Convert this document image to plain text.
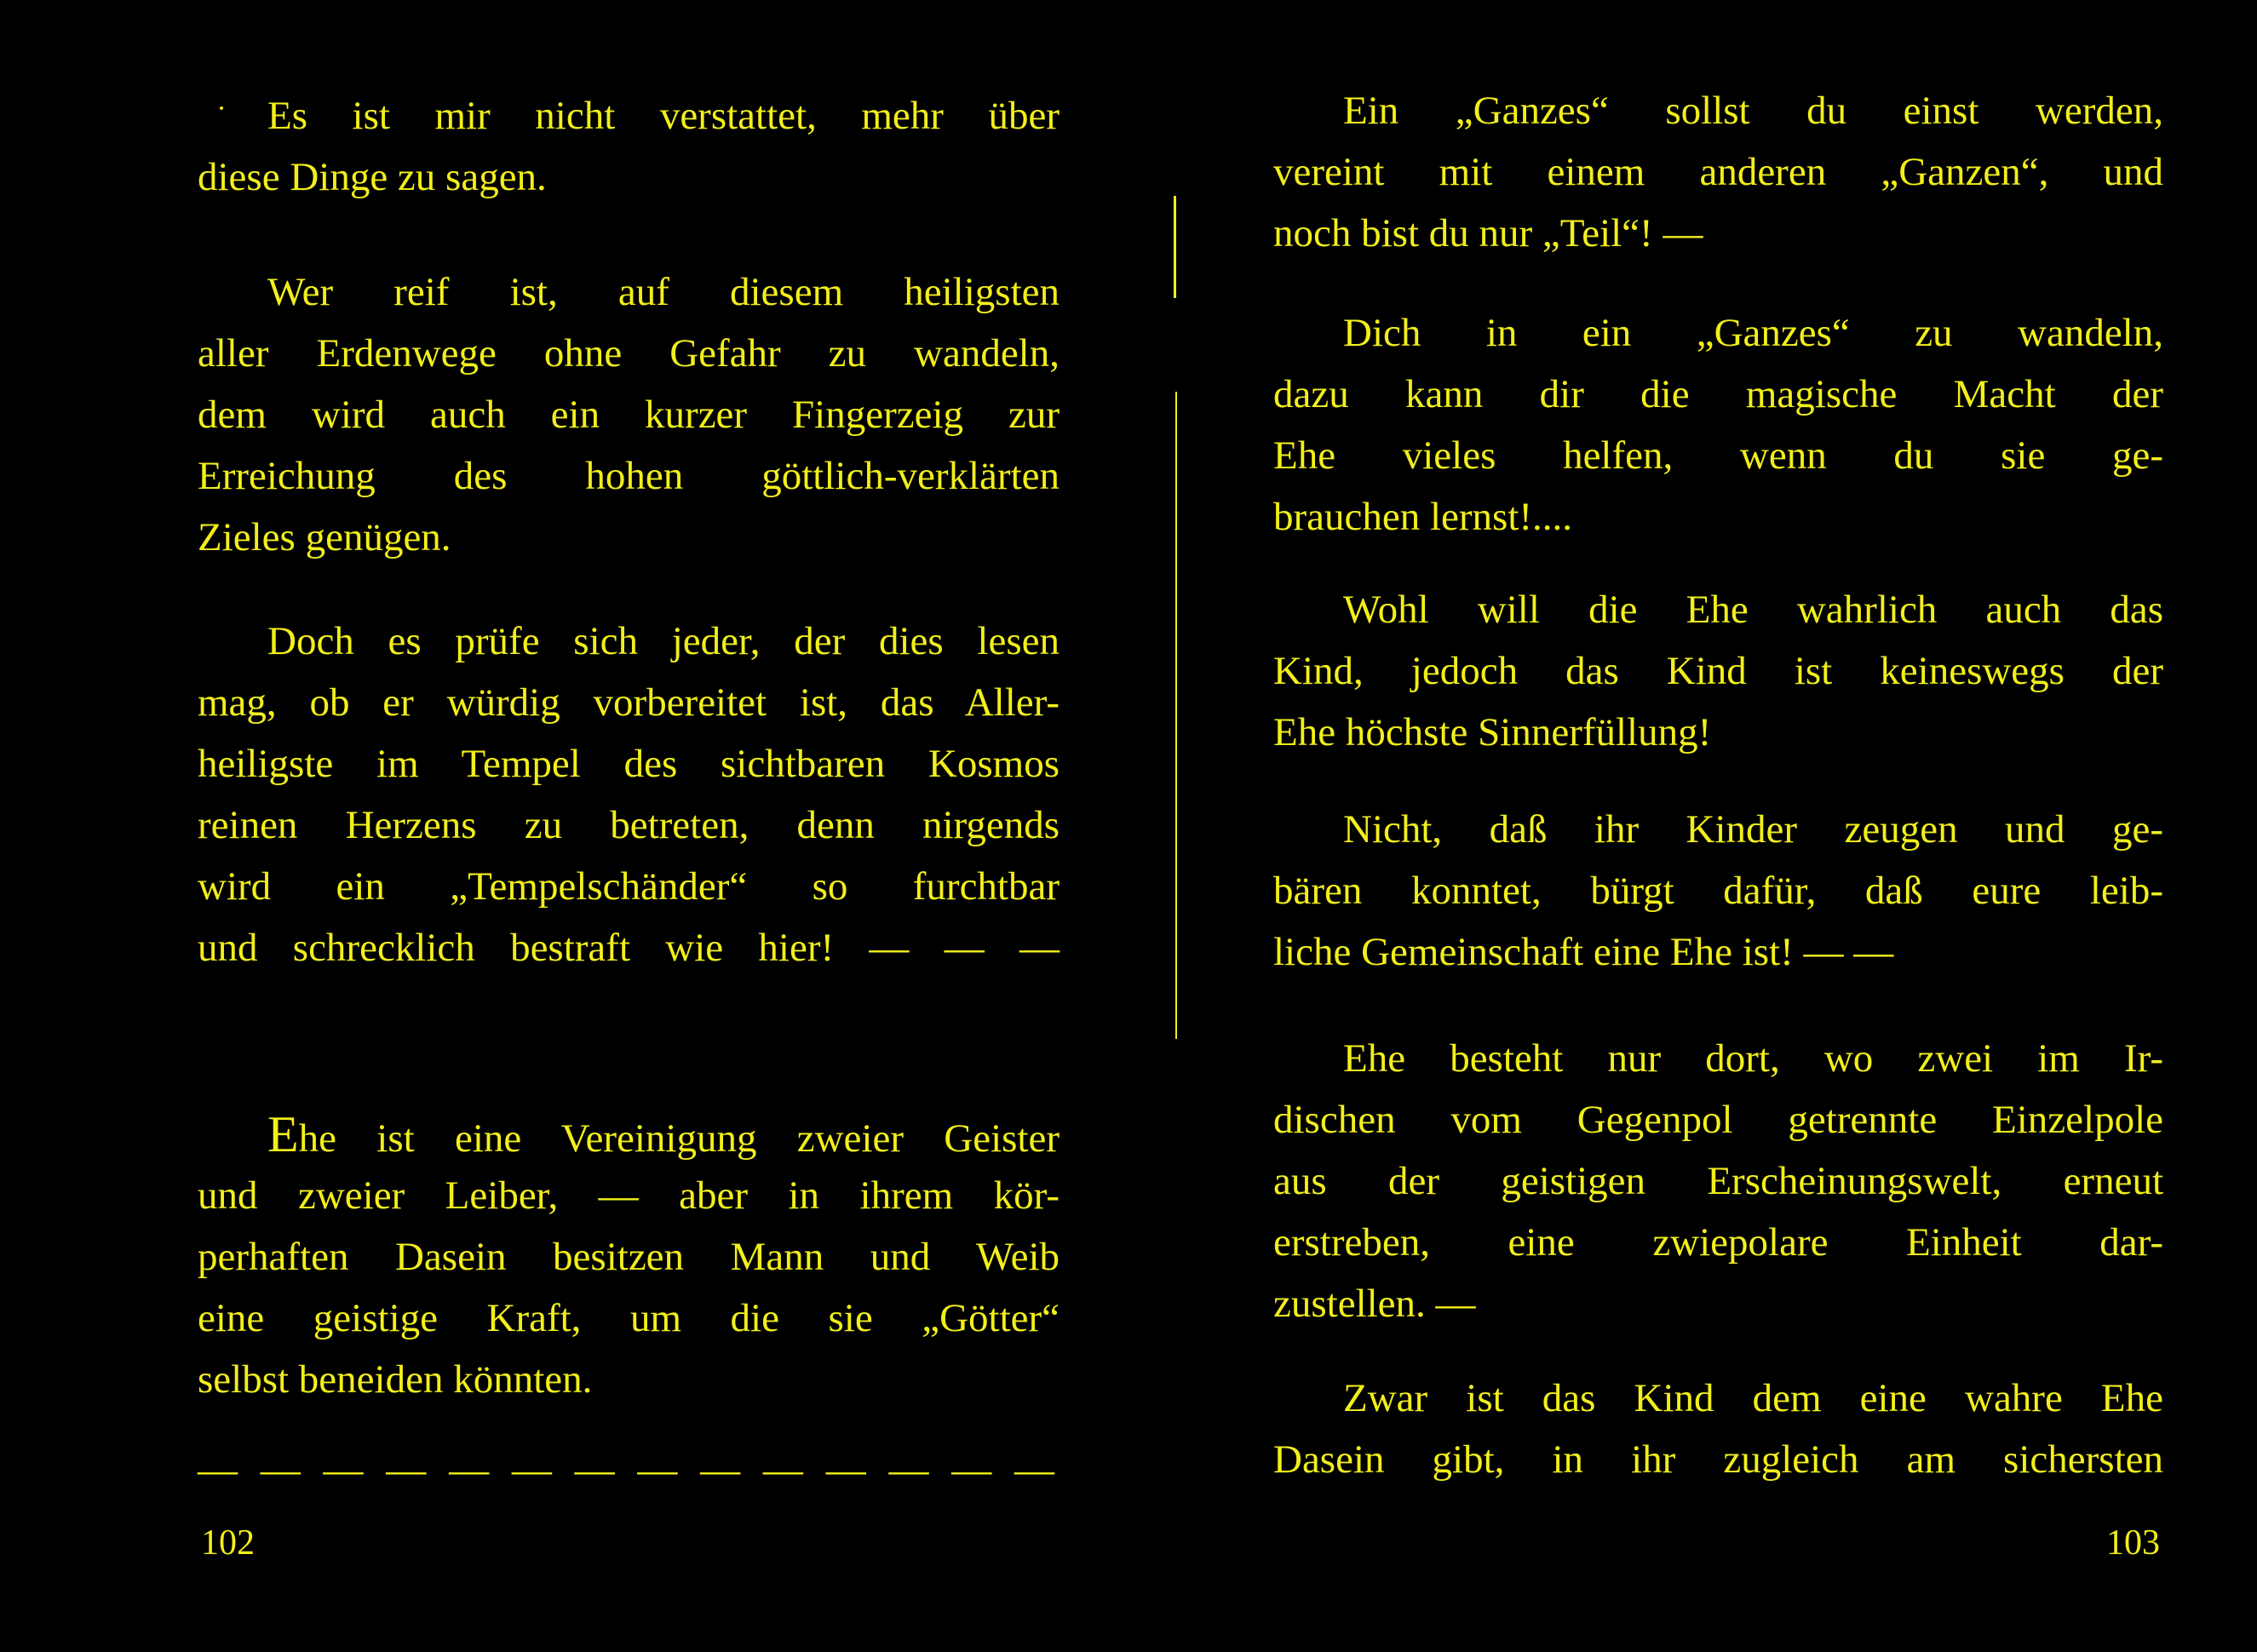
Es ist mir nicht verstattet, mehr über
diese Dinge zu sagen.

Wer reif ist, auf diesem heiligsten
aller Erdenwege ohne Gefahr zu wandeln,
dem wird auch ein kurzer Fingerzeig zur
Erreichung des hohen göttlich-verklärten
Zieles genügen.

Doch es prüfe sich jeder, der dies lesen
mag, ob er würdig vorbereitet ist, das Aller-
heiligste im Tempel des sichtbaren Kosmos
reinen Herzens zu betreten, denn nirgends
wird ein „Tempelschänder“ so furchtbar
und schrecklich bestraft wie hier! — — —

Ehe ist eine Vereinigung zweier Geister
und zweier Leiber, — aber in ihrem kör-
perhaften Dasein besitzen Mann und Weib
eine geistige Kraft, um die sie „Götter“
selbst beneiden könnten.

— — — — — — — — — — — — — —
102

Ein „Ganzes“ sollst du einst werden,
vereint mit einem anderen „Ganzen“, und
noch bist du nur „Teil“! —

Dich in ein „Ganzes“ zu wandeln,
dazu kann dir die magische Macht der
Ehe vieles helfen, wenn du sie ge-
brauchen lernst!....

Wohl will die Ehe wahrlich auch das
Kind, jedoch das Kind ist keineswegs der
Ehe höchste Sinnerfüllung!

Nicht, daß ihr Kinder zeugen und ge-
bären konntet, bürgt dafür, daß eure leib-
liche Gemeinschaft eine Ehe ist! — —

Ehe besteht nur dort, wo zwei im Ir-
dischen vom Gegenpol getrennte Einzelpole
aus der geistigen Erscheinungswelt, erneut
erstreben, eine zwiepolare Einheit dar-
zustellen. —

Zwar ist das Kind dem eine wahre Ehe
Dasein gibt, in ihr zugleich am sichersten

103
